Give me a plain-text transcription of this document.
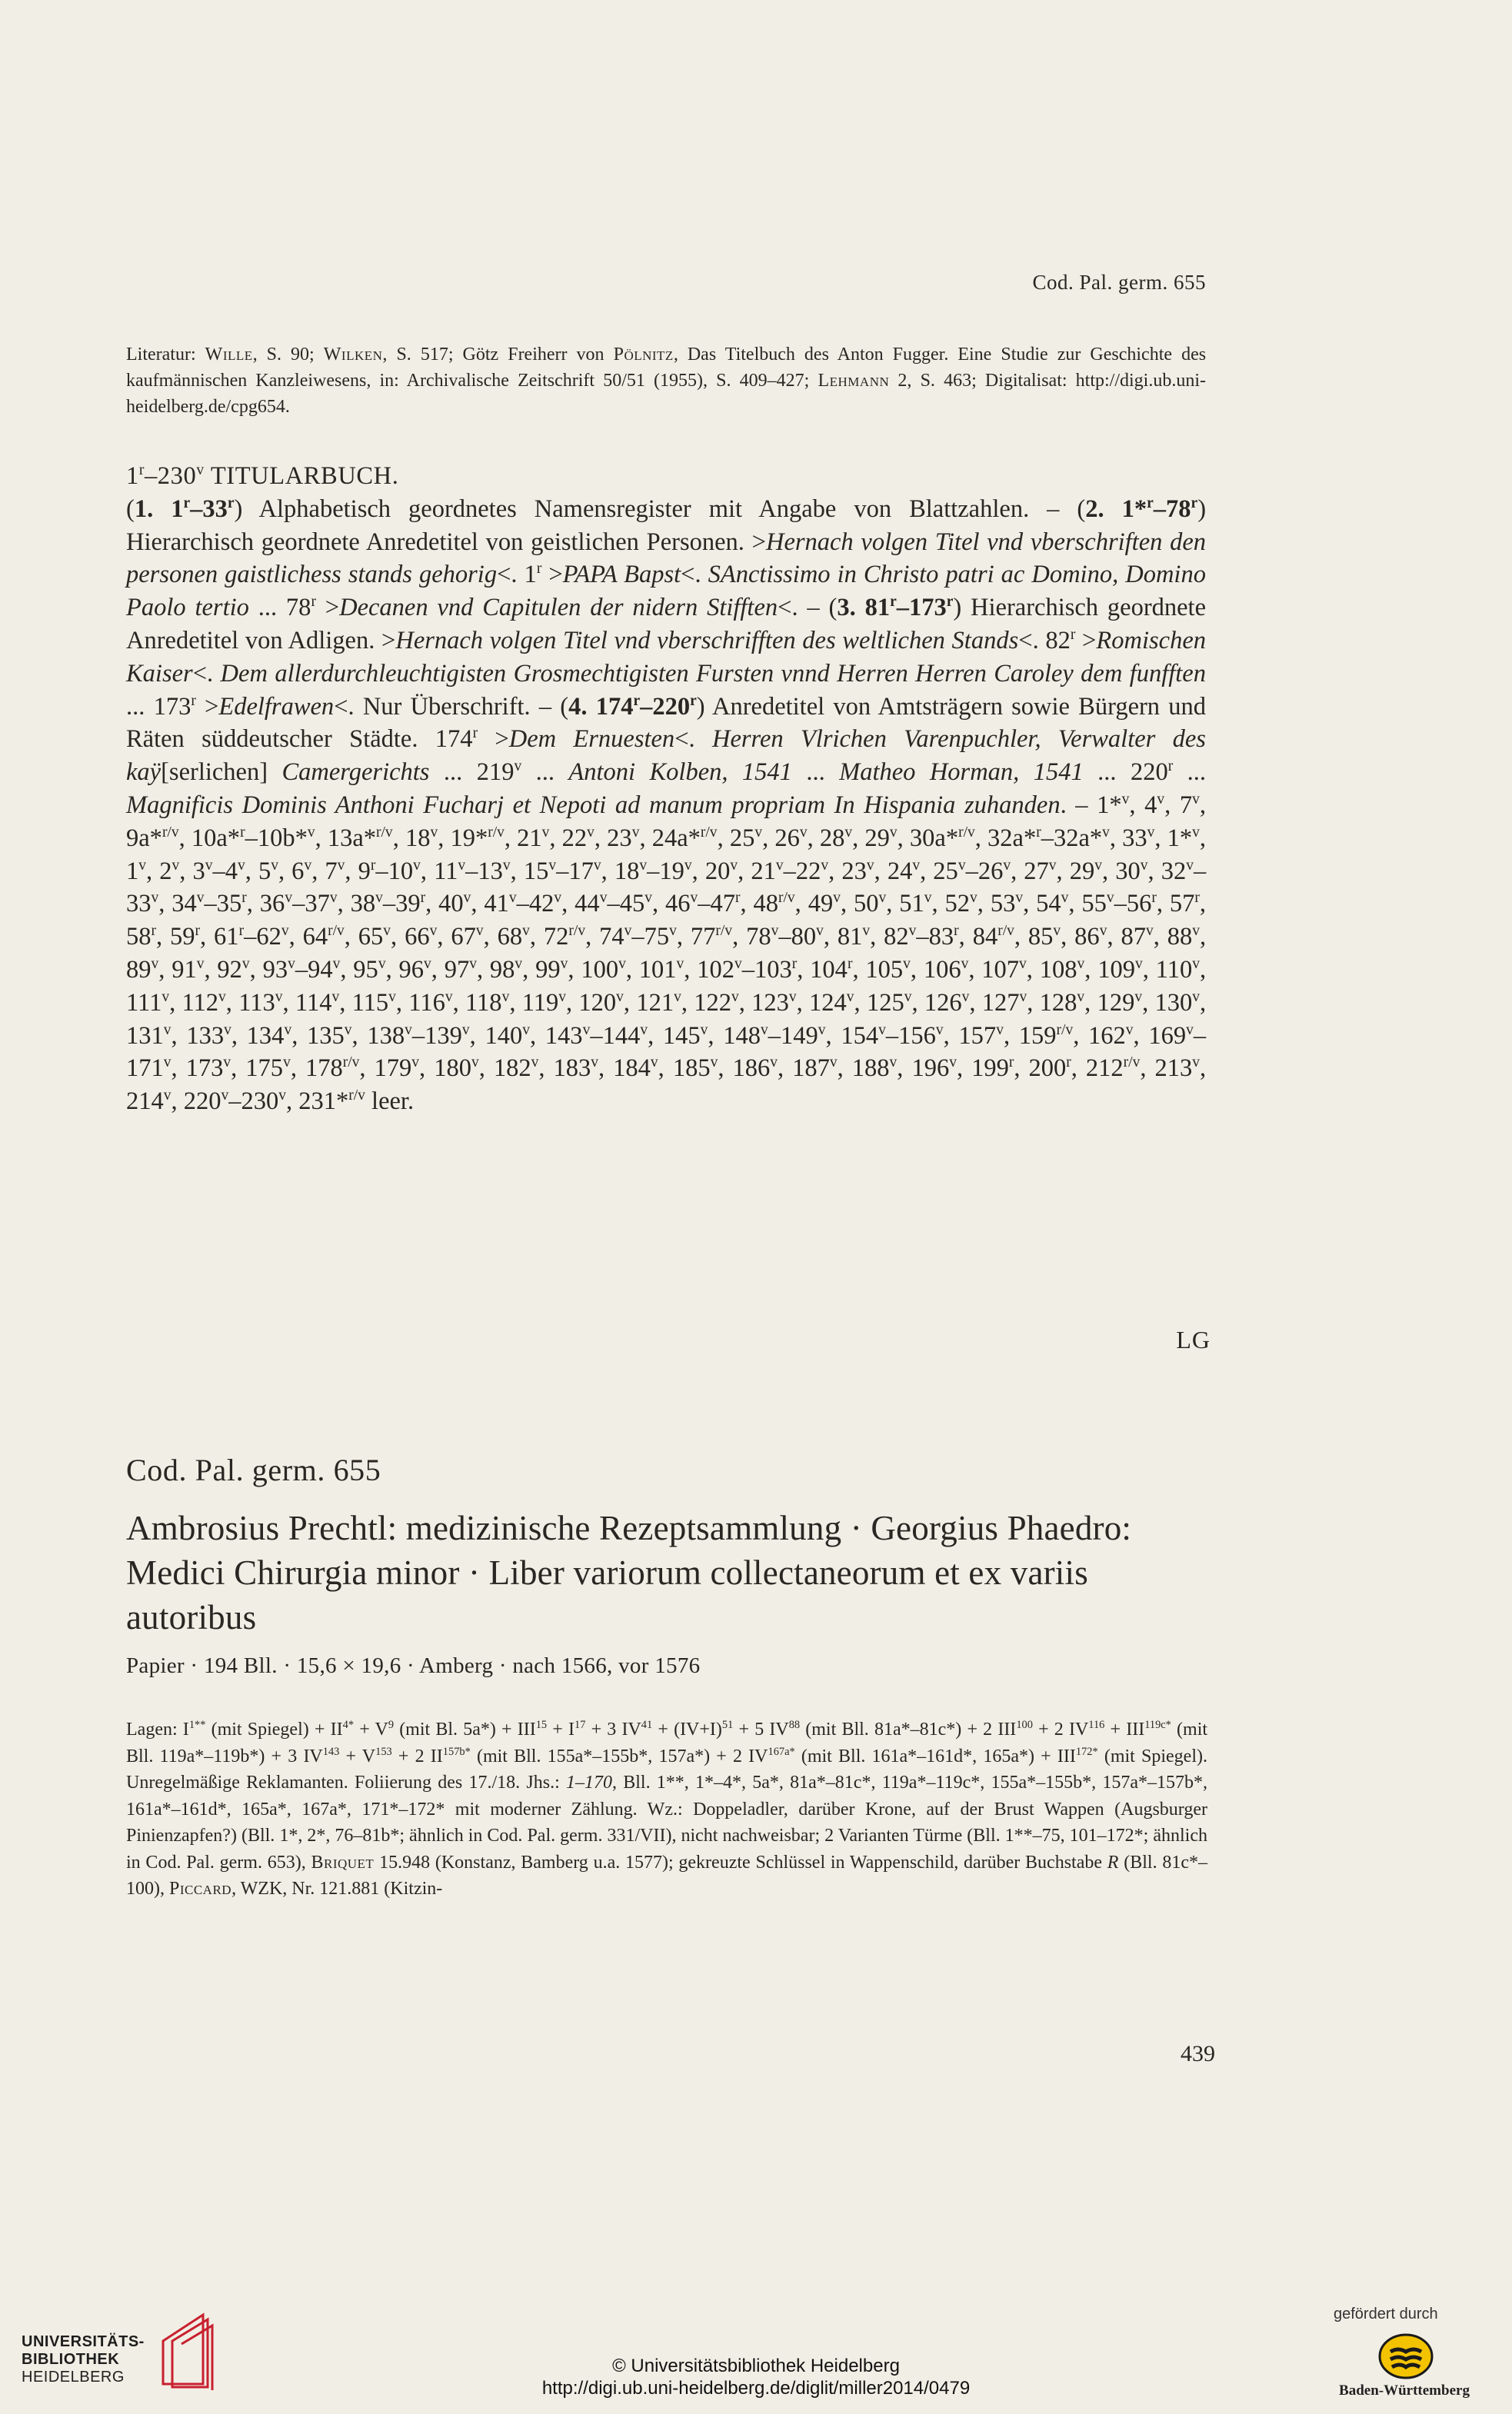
Cod. Pal. germ. 655
Literatur: Wille, S. 90; Wilken, S. 517; Götz Freiherr von Pölnitz, Das Titelbuch des Anton Fugger. Eine Studie zur Geschichte des kaufmännischen Kanzleiwesens, in: Archivalische Zeitschrift 50/51 (1955), S. 409–427; Lehmann 2, S. 463; Digitalisat: http://digi.ub.uni-heidelberg.de/cpg654.

1$^r$–230$^v$ TITULARBUCH.

(1. 1$^r$–33$^r$) Alphabetisch geordnetes Namensregister mit Angabe von Blattzahlen. – (2. 1*$^r$–78$^r$) Hierarchisch geordnete Anredetitel von geistlichen Personen. >Hernach volgen Titel vnd vberschriften den personen gaistlichess stands gehorig<. $1^r$ >PAPA Bapst<. SAnctissimo in Christo patri ac Domino, Domino Paolo tertio ... $78^r$ >Decanen vnd Capitulen der nidern Stifften<. – (3. 81$^r$–173$^r$) Hierarchisch geordnete Anredetitel von Adligen. >Hernach volgen Titel vnd vberschrifften des weltlichen Stands<. $82^r$ >Romischen Kaiser<. Dem allerdurchleuchtigisten Grosmechtigisten Fursten vnnd Herren Herren Caroley dem funfften ... $173^r$ >Edelfrawen<. Nur Überschrift. – (4. 174$^r$–220$^r$) Anredetitel von Amtsträgern sowie Bürgern und Räten süddeutscher Städte. $174^r >Dem$ Ernuesten<. Herren Vlrichen Varenpuchler, Verwalter des kaÿ[serlichen] Camergerichts ... 219$^v$ ... Antoni Kolben, 1541 ... Matheo Horman, 1541 ... 220$^r$ ... Magnificis Dominis Anthoni Fucharj et Nepoti ad manum propriam In Hispania zuhanden. – 1*$^v$, 4$^v$, 7$^v$, 9a*$^{r/v}$, 10a*$^r$–10b*$^v$, 13a*$^{r/v}$, 18$^v$, 19*$^{r/v}$, 21$^v$, 22$^v$, 23$^v$, 24a*$^{r/v}$, 25$^v$, 26$^v$, 28$^v$, 29$^v$, 30a*$^{r/v}$, 32a*$^r$–32a*$^v$, 33$^v$, 1*$^v$, 1$^v$, 2$^v$, 3$^v$–4$^v$, 5$^v$, 6$^v$, 7$^v$, 9$^r$–10$^v$, 11$^v$–13$^v$, 15$^v$–17$^v$, 18$^v$–19$^v$, 20$^v$, 21$^v$–22$^v$, 23$^v$, 24$^v$, 25$^v$–26$^v$, 27$^v$, 29$^v$, 30$^v$, 32$^v$–33$^v$, 34$^v$–35$^r$, 36$^v$–37$^v$, 38$^v$–39$^r$, 40$^v$, 41$^v$–42$^v$, 44$^v$–45$^v$, 46$^v$–47$^r$, $48^{r/v}$, 49$^v$, 50$^v$, 51$^v$, 52$^v$, 53$^v$, 54$^v$, 55$^v$–56$^r$, 57$^r$, 58$^r$, 59$^r$, 61$^r$–62$^v$, $64^{r/v}$, 65$^v$, 66$^v$, 67$^v$, 68$^v$, $72^{r/v}$, 74$^v$–75$^v$, $77^{r/v}$, 78$^v$–80$^v$, 81$^v$, 82$^v$–83$^r$, $84^{r/v}$, 85$^v$, 86$^v$, 87$^v$, 88$^v$, 89$^v$, 91$^v$, 92$^v$, 93$^v$–94$^v$, 95$^v$, 96$^v$, 97$^v$, 98$^v$, 99$^v$, 100$^v$, 101$^v$, 102$^v$–103$^r$, 104$^r$, 105$^v$, 106$^v$, 107$^v$, 108$^v$, 109$^v$, 110$^v$, 111$^v$, 112$^v$, 113$^v$, 114$^v$, 115$^v$, 116$^v$, 118$^v$, 119$^v$, 120$^v$, 121$^v$, 122$^v$, 123$^v$, 124$^v$, 125$^v$, 126$^v$, 127$^v$, 128$^v$, 129$^v$, 130$^v$, 131$^v$, 133$^v$, 134$^v$, 135$^v$, 138$^v$–139$^v$, 140$^v$, 143$^v$–144$^v$, 145$^v$, 148$^v$–149$^v$, 154$^v$–156$^v$, 157$^v$, $159^{r/v}$, 162$^v$, 169$^v$–171$^v$, 173$^v$, 175$^v$, $178^{r/v}$, 179$^v$, 180$^v$, 182$^v$, 183$^v$, 184$^v$, 185$^v$, 186$^v$, 187$^v$, 188$^v$, 196$^v$, 199$^r$, 200$^r$, $212^{r/v}$, 213$^v$, 214$^v$, 220$^v$–230$^v$, 231*$^{r/v}$ leer.

LG
Cod. Pal. germ. 655
Ambrosius Prechtl: medizinische Rezeptsammlung · Georgius Phaedro: Medici Chirurgia minor · Liber variorum collectaneorum et ex variis autoribus
Papier · 194 Bll. · 15,6 × 19,6 · Amberg · nach 1566, vor 1576
Lagen: $I^{1**}$ (mit Spiegel) + $II^{4*} + V^9$ (mit Bl. $5a*) + III^{15} + I^{17} + 3$ $IV^{41} + (IV+I)^{51} + 5$ IV$^{88}$ (mit Bll. 81a*–81c*) + 2 $III^{100} + 2$ $IV^{116} + III^{119c*}$ (mit Bll. 119a*–119b*) + 3 $IV^{143} + V^{153} + 2$ $II^{157b*}$ (mit Bll. 155a*–155b*, 157a*) + 2 $IV^{167a*}$ (mit Bll. 161a*–161d*, $165a*) + III^{172*}$ (mit Spiegel). Unregelmäßige Reklamanten. Foliierung des 17./18. Jhs.: 1–170, Bll. 1**, 1*–4*, 5a*, 81a*–81c*, 119a*–119c*, 155a*–155b*, 157a*–157b*, 161a*–161d*, 165a*, 167a*, 171*–172* mit moderner Zählung. Wz.: Doppeladler, darüber Krone, auf der Brust Wappen (Augsburger Pinienzapfen?) (Bll. 1*, 2*, 76–81b*; ähnlich in Cod. Pal. germ. 331/VII), nicht nachweisbar; 2 Varianten Türme (Bll. 1**–75, 101–172*; ähnlich in Cod. Pal. germ. 653), Briquet 15.948 (Konstanz, Bamberg u.a. 1577); gekreuzte Schlüssel in Wappenschild, darüber Buchstabe R (Bll. 81c*–100), Piccard, WZK, Nr. 121.881 (Kitzin-
439
UNIVERSITÄTS-
BIBLIOTHEK
HEIDELBERG
© Universitätsbibliothek Heidelberg
http://digi.ub.uni-heidelberg.de/diglit/miller2014/0479
gefördert durch
Baden-Württemberg
